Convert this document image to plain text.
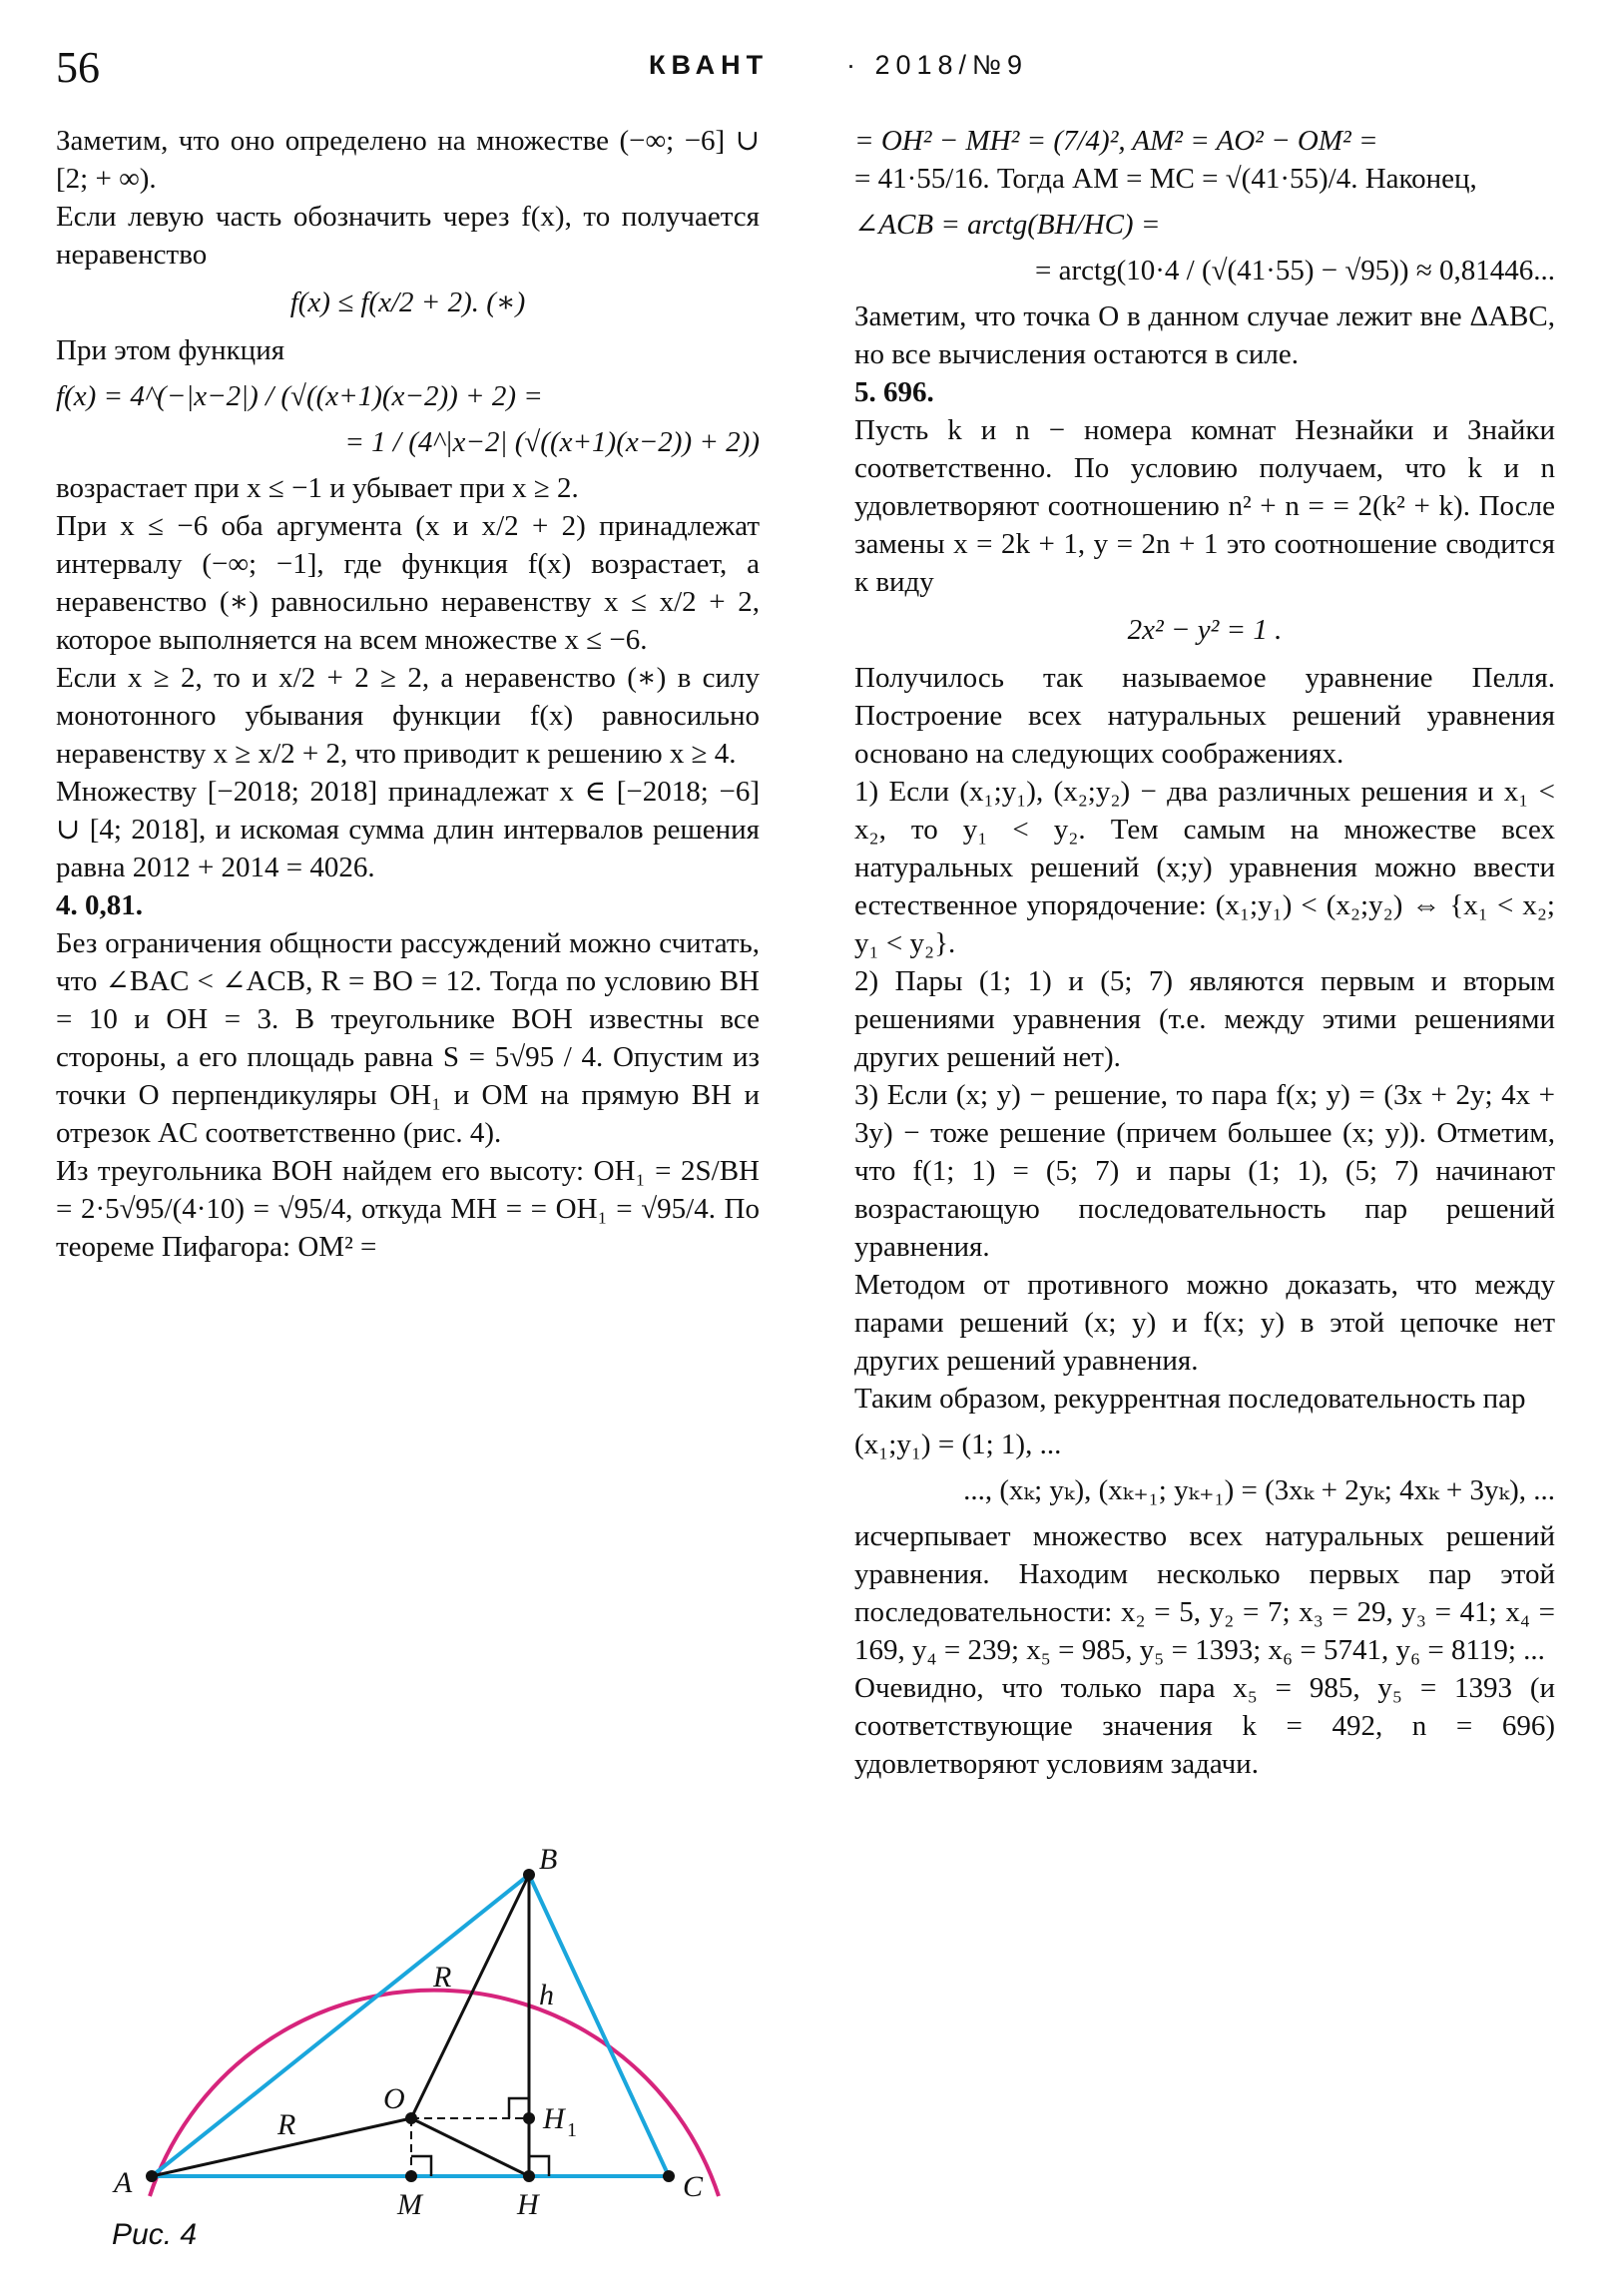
56	КВАНТ	· 2018/№9

Заметим, что оно определено на множестве (−∞; −6] ∪ [2; + ∞).

Если левую часть обозначить через f(x), то получается неравенство

f(x) ≤ f(x/2 + 2). (∗)

При этом функция

f(x) = 4^(−|x−2|) / (√((x+1)(x−2)) + 2) =

= 1 / (4^|x−2| (√((x+1)(x−2)) + 2))

возрастает при x ≤ −1 и убывает при x ≥ 2.

При x ≤ −6 оба аргумента (x и x/2 + 2) принадлежат интервалу (−∞; −1], где функция f(x) возрастает, а неравенство (∗) равносильно неравенству x ≤ x/2 + 2, которое выполняется на всем множестве x ≤ −6.

Если x ≥ 2, то и x/2 + 2 ≥ 2, а неравенство (∗) в силу монотонного убывания функции f(x) равносильно неравенству x ≥ x/2 + 2, что приводит к решению x ≥ 4.

Множеству [−2018; 2018] принадлежат x ∈ [−2018; −6] ∪ [4; 2018], и искомая сумма длин интервалов решения равна 2012 + 2014 = 4026.

4. 0,81.

Без ограничения общности рассуждений можно считать, что ∠BAC < ∠ACB, R = BO = 12. Тогда по условию BH = 10 и OH = 3. В треугольнике BOH известны все стороны, а его площадь равна S = 5√95 / 4. Опустим из точки O перпендикуляры OH₁ и OM на прямую BH и отрезок AC соответственно (рис. 4).

Из треугольника BOH найдем его высоту: OH₁ = 2S/BH = 2·5√95/(4·10) = √95/4, откуда MH = = OH₁ = √95/4. По теореме Пифагора: OM² =

= OH² − MH² = (7/4)², AM² = AO² − OM² =

= 41·55/16. Тогда AM = MC = √(41·55)/4. Наконец,

∠ACB = arctg(BH/HC) =

= arctg(10·4 / (√(41·55) − √95)) ≈ 0,81446...

Заметим, что точка O в данном случае лежит вне ΔABC, но все вычисления остаются в силе.

5. 696.

Пусть k и n − номера комнат Незнайки и Знайки соответственно. По условию получаем, что k и n удовлетворяют соотношению n² + n = = 2(k² + k). После замены x = 2k + 1, y = 2n + 1 это соотношение сводится к виду

2x² − y² = 1 .

Получилось так называемое уравнение Пелля. Построение всех натуральных решений уравнения основано на следующих соображениях.

1) Если (x₁;y₁), (x₂;y₂) − два различных решения и x₁ < x₂, то y₁ < y₂. Тем самым на множестве всех натуральных решений (x;y) уравнения можно ввести естественное упорядочение: (x₁;y₁) < (x₂;y₂) ⇔ {x₁ < x₂; y₁ < y₂}.

2) Пары (1; 1) и (5; 7) являются первым и вторым решениями уравнения (т.е. между этими решениями других решений нет).

3) Если (x; y) − решение, то пара f(x; y) = (3x + 2y; 4x + 3y) − тоже решение (причем большее (x; y)). Отметим, что f(1; 1) = (5; 7) и пары (1; 1), (5; 7) начинают возрастающую последовательность пар решений уравнения.

Методом от противного можно доказать, что между парами решений (x; y) и f(x; y) в этой цепочке нет других решений уравнения.

Таким образом, рекуррентная последовательность пар

(x₁;y₁) = (1; 1), ...

..., (xₖ; yₖ), (xₖ₊₁; yₖ₊₁) = (3xₖ + 2yₖ; 4xₖ + 3yₖ), ...

исчерпывает множество всех натуральных решений уравнения. Находим несколько первых пар этой последовательности: x₂ = 5, y₂ = 7; x₃ = 29, y₃ = 41; x₄ = 169, y₄ = 239; x₅ = 985, y₅ = 1393; x₆ = 5741, y₆ = 8119; ...

Очевидно, что только пара x₅ = 985, y₅ = 1393 (и соответствующие значения k = 492, n = 696) удовлетворяют условиям задачи.

A
B
C
O
M	H
H 1
R
R
h
Рис. 4
